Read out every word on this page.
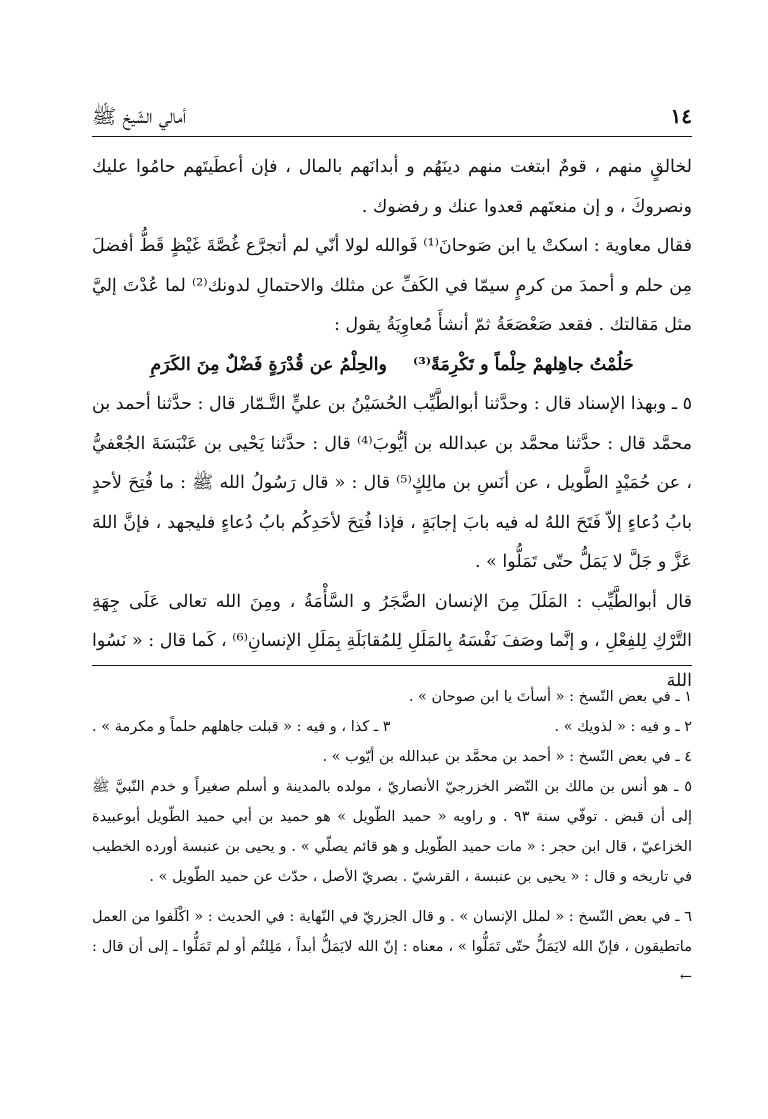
١٤
أمالي الشّيخ ﷺ

لخالقٍ منهم ، قومٌ ابتغت منهم دينَهُم و أبدانَهم بالمال ، فإن أعطَيتَهم حامُوا عليك ونصروكَ ، و إن منعتَهم قعدوا عنك و رفضوك .

فقال معاوية : اسكتْ يا ابن صَوحانَ⁽¹⁾ فَوالله لولا أنّي لم أتجرَّع غُصَّةَ غَيْظٍ قَطُّ أفضلَ مِن حلم و أحمدَ من كرمٍ سيمّا في الكَفِّ عن مثلك والاحتمالِ لدونك⁽²⁾ لما عُدْتَ إليَّ مثل مَقالتك . فقعد صَعْصَعَةُ ثمّ أنشأَ مُعاوِيَةُ يقول :

حَلُمْتُ جاهِلهمْ حِلْماً و تَكْرِمَةً⁽³⁾
والحِلْمُ عن قُدْرَةٍ فَضْلٌ مِنَ الكَرَمِ

٥ ـ وبهذا الإسناد قال : وحدَّثنا أبوالطَّيِّب الحُسَيْنُ بن عليٍّ التَّـمّار قال : حدَّثنا أحمد بن محمَّد قال : حدَّثنا محمَّد بن عبدالله بن أيُّوبَ⁽⁴⁾ قال : حدَّثنا يَحْيى بن عَنْبَسَةَ الجُعْفيُّ ، عن حُمَيْدٍ الطَّويل ، عن أنَسِ بن مالِكٍ⁽⁵⁾ قال : « قال رَسُولُ الله ﷺ : ما فُتِحَ لأحدٍ بابُ دُعاءٍ إلاّ فَتَحَ اللهُ له فيه بابَ إجابَةٍ ، فإذا فُتِحَ لأحَدِكُم بابُ دُعاءٍ فليجهد ، فإنَّ اللهَ عَزَّ و جَلَّ لا يَمَلُّ حتّى تَمَلُّوا » .

قال أبوالطَّيِّب : المَلَلَ مِنَ الإنسان الضَّجَرُ و السَّأْمَةُ ، ومِنَ الله تعالى عَلَى جِهَةِ التَّرْكِ لِلفِعْلِ ، و إنَّما وصَفَ نَفْسَهُ بِالمَلَلِ لِلمُقابَلَةِ بِمَلَلِ الإنسانِ⁽⁶⁾ ، كَما قال : « نَسُوا اللهَ

١ ـ في بعض النّسخ : « أسأتَ يا ابن صوحان » .

٢ ـ و فيه : « لذويك » .
٣ ـ كذا ، و فيه : « قبلت جاهلهم حلماً و مكرمة » .

٤ ـ في بعض النّسخ : « أحمد بن محمَّد بن عبدالله بن أيّوب » .

٥ ـ هو أنس بن مالك بن النّضر الخزرجيّ الأنصاريّ ، مولده بالمدينة و أسلم صغيراً و خدم النّبيَّ ﷺ إلى أن قبض . توفّي سنة ٩٣ . و راويه « حميد الطّويل » هو حميد بن أبي حميد الطّويل أبوعبيدة الخزاعيّ ، قال ابن حجر : « مات حميد الطّويل و هو قائم يصلّي » . و يحيى بن عنبسة أورده الخطيب في تاريخه و قال : « يحيى بن عنبسة ، القرشيّ . بصريّ الأصل ، حدّث عن حميد الطّويل » .

٦ ـ في بعض النّسخ : « لملل الإنسان » . و قال الجزريّ في النّهاية : في الحديث : « اكْلَفوا من العمل ماتطيقون ، فإنّ الله لايَمَلُّ حتّى تَمَلُّوا » ، معناه : إنّ الله لايَمَلُّ أبداً ، مَلِلتُم أو لم تَمَلُّوا ـ إلى أن قال : ←
